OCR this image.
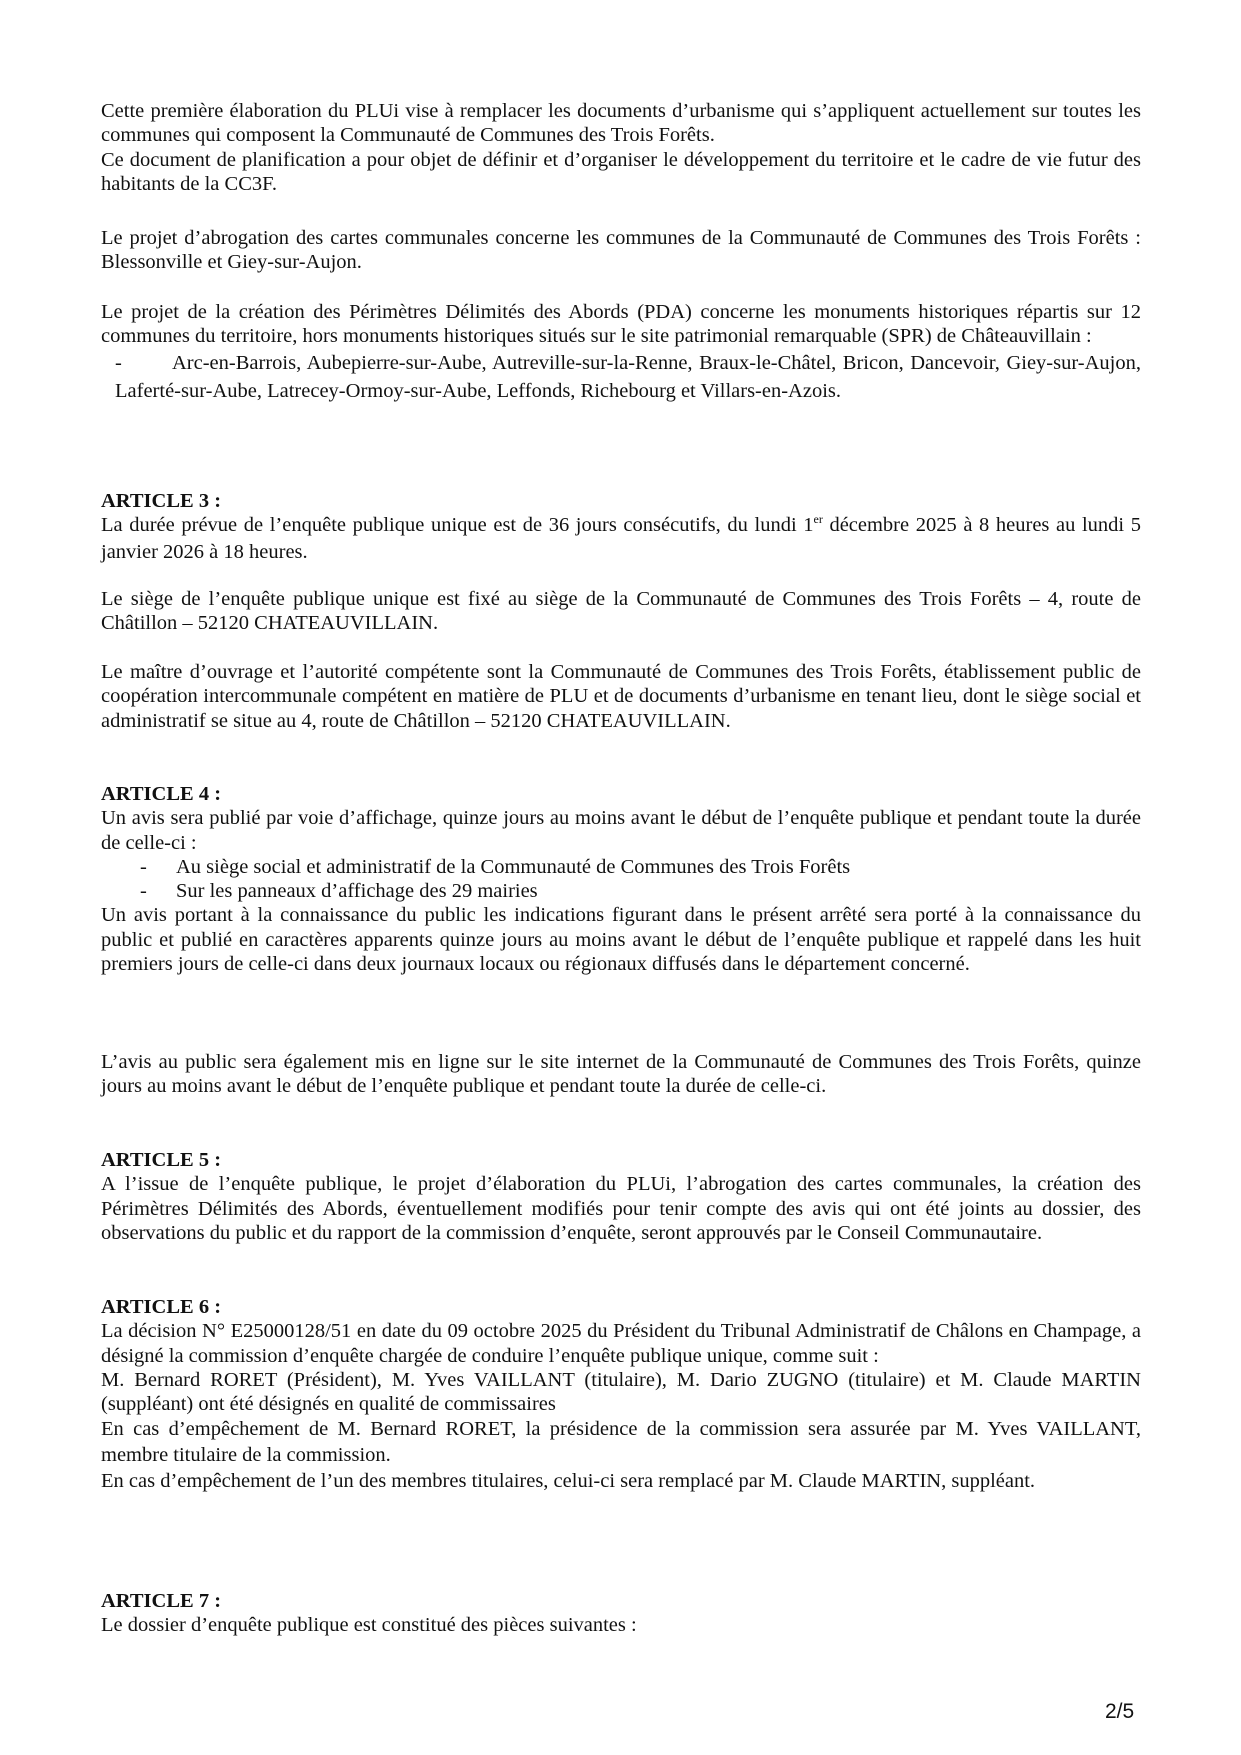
Cette première élaboration du PLUi vise à remplacer les documents d’urbanisme qui s’appliquent actuellement sur toutes les communes qui composent la Communauté de Communes des Trois Forêts.

Ce document de planification a pour objet de définir et d’organiser le développement du territoire et le cadre de vie futur des habitants de la CC3F.

Le projet d’abrogation des cartes communales concerne les communes de la Communauté de Communes des Trois Forêts : Blessonville et Giey-sur-Aujon.

Le projet de la création des Périmètres Délimités des Abords (PDA) concerne les monuments historiques répartis sur 12 communes du territoire, hors monuments historiques situés sur le site patrimonial remarquable (SPR) de Châteauvillain :

- Arc-en-Barrois, Aubepierre-sur-Aube, Autreville-sur-la-Renne, Braux-le-Châtel, Bricon, Dancevoir, Giey-sur-Aujon, Laferté-sur-Aube, Latrecey-Ormoy-sur-Aube, Leffonds, Richebourg et Villars-en-Azois.

ARTICLE 3 :

La durée prévue de l’enquête publique unique est de 36 jours consécutifs, du lundi 1er décembre 2025 à 8 heures au lundi 5 janvier 2026 à 18 heures.

Le siège de l’enquête publique unique est fixé au siège de la Communauté de Communes des Trois Forêts – 4, route de Châtillon – 52120 CHATEAUVILLAIN.

Le maître d’ouvrage et l’autorité compétente sont la Communauté de Communes des Trois Forêts, établissement public de coopération intercommunale compétent en matière de PLU et de documents d’urbanisme en tenant lieu, dont le siège social et administratif se situe au 4, route de Châtillon – 52120 CHATEAUVILLAIN.

ARTICLE 4 :

Un avis sera publié par voie d’affichage, quinze jours au moins avant le début de l’enquête publique et pendant toute la durée de celle-ci :

- Au siège social et administratif de la Communauté de Communes des Trois Forêts

- Sur les panneaux d’affichage des 29 mairies

Un avis portant à la connaissance du public les indications figurant dans le présent arrêté sera porté à la connaissance du public et publié en caractères apparents quinze jours au moins avant le début de l’enquête publique et rappelé dans les huit premiers jours de celle-ci dans deux journaux locaux ou régionaux diffusés dans le département concerné.

L’avis au public sera également mis en ligne sur le site internet de la Communauté de Communes des Trois Forêts, quinze jours au moins avant le début de l’enquête publique et pendant toute la durée de celle-ci.

ARTICLE 5 :

A l’issue de l’enquête publique, le projet d’élaboration du PLUi, l’abrogation des cartes communales, la création des Périmètres Délimités des Abords, éventuellement modifiés pour tenir compte des avis qui ont été joints au dossier, des observations du public et du rapport de la commission d’enquête, seront approuvés par le Conseil Communautaire.

ARTICLE 6 :

La décision N° E25000128/51 en date du 09 octobre 2025 du Président du Tribunal Administratif de Châlons en Champage, a désigné la commission d’enquête chargée de conduire l’enquête publique unique, comme suit :

M. Bernard RORET (Président), M. Yves VAILLANT (titulaire), M. Dario ZUGNO (titulaire) et M. Claude MARTIN (suppléant) ont été désignés en qualité de commissaires

En cas d’empêchement de M. Bernard RORET, la présidence de la commission sera assurée par M. Yves VAILLANT, membre titulaire de la commission.

En cas d’empêchement de l’un des membres titulaires, celui-ci sera remplacé par M. Claude MARTIN, suppléant.

ARTICLE 7 :

Le dossier d’enquête publique est constitué des pièces suivantes :

2/5
